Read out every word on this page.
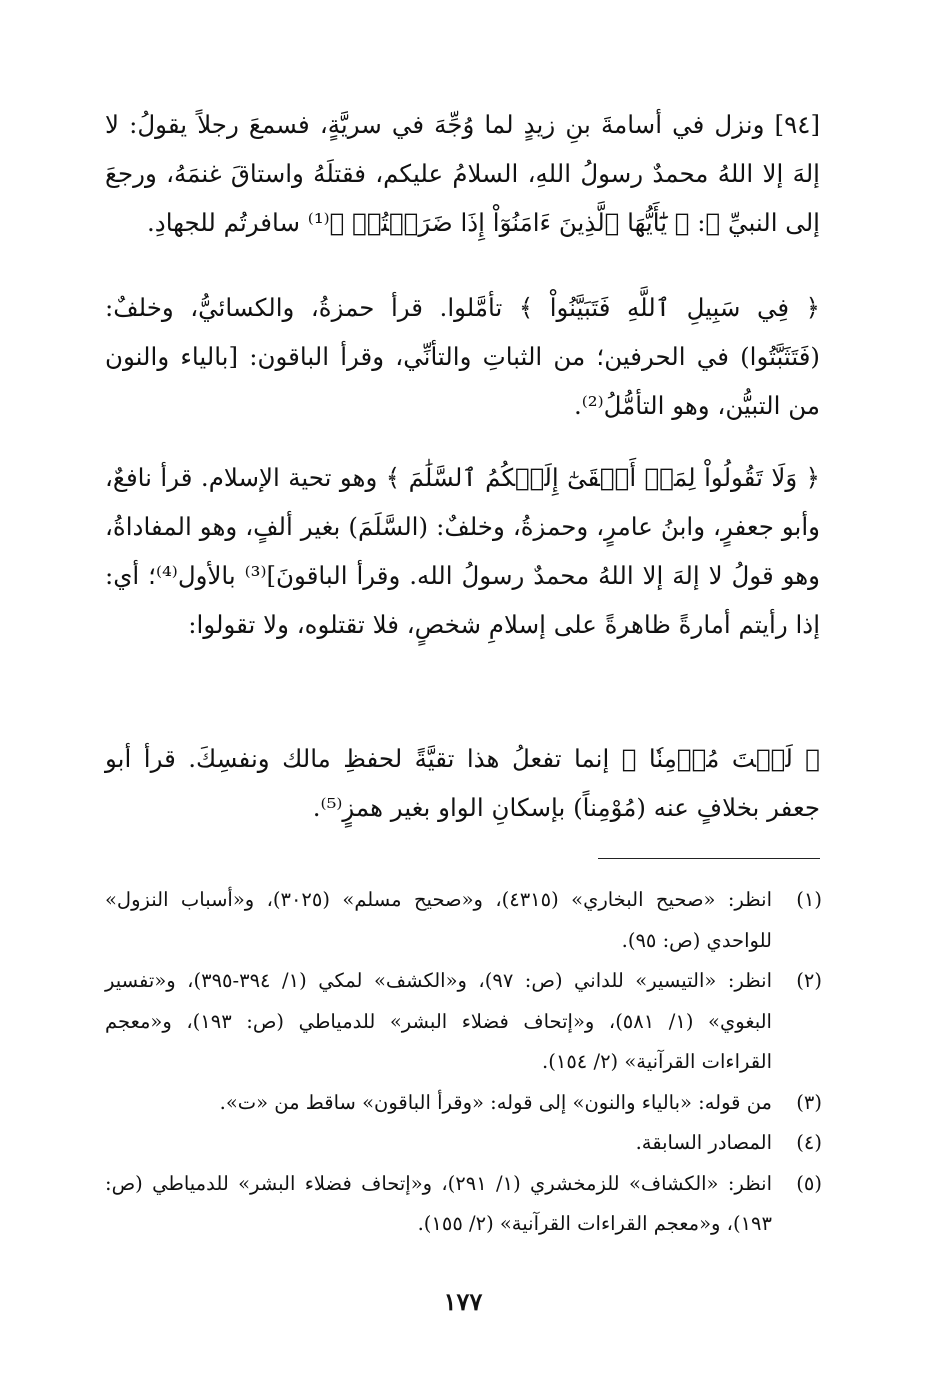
[٩٤] ونزل في أسامةَ بنِ زيدٍ لما وُجِّهَ في سريَّةٍ، فسمعَ رجلاً يقولُ: لا إلهَ إلا اللهُ محمدٌ رسولُ اللهِ، السلامُ عليكم، فقتلَهُ واستاقَ غنمَهُ، ورجعَ إلى النبيِّ ﷺ: ﴿ يَٰٓأَيُّهَا ٱلَّذِينَ ءَامَنُوٓاْ إِذَا ضَرَبۡتُمۡ ﴾⁽¹⁾ سافرتُم للجهادِ.

﴿ فِي سَبِيلِ ٱللَّهِ فَتَبَيَّنُواْ ﴾ تأمَّلوا. قرأ حمزةُ، والكسائيُّ، وخلفٌ: (فَتَثَبَّتُوا) في الحرفين؛ من الثباتِ والتأنِّي، وقرأ الباقون: [بالياء والنون من التبيُّن، وهو التأمُّلُ⁽²⁾.

﴿ وَلَا تَقُولُواْ لِمَنۡ أَلۡقَىٰٓ إِلَيۡكُمُ ٱلسَّلَٰمَ ﴾ وهو تحية الإسلام. قرأ نافعٌ، وأبو جعفرٍ، وابنُ عامرٍ، وحمزةُ، وخلفٌ: (السَّلَمَ) بغير ألفٍ، وهو المفاداةُ، وهو قولُ لا إلهَ إلا اللهُ محمدٌ رسولُ الله. وقرأ الباقونَ]⁽³⁾ بالأول⁽⁴⁾؛ أي: إذا رأيتم أمارةً ظاهرةً على إسلامِ شخصٍ، فلا تقتلوه، ولا تقولوا:

﴿ لَسۡتَ مُؤۡمِنٗا ﴾ إنما تفعلُ هذا تقيَّةً لحفظِ مالك ونفسِكَ. قرأ أبو جعفر بخلافٍ عنه (مُوْمِناً) بإسكانِ الواو بغير همزٍ⁽⁵⁾.

(١)
انظر: «صحيح البخاري» (٤٣١٥)، و«صحيح مسلم» (٣٠٢٥)، و«أسباب النزول» للواحدي (ص: ٩٥).
(٢)
انظر: «التيسير» للداني (ص: ٩٧)، و«الكشف» لمكي (١/ ٣٩٤-٣٩٥)، و«تفسير البغوي» (١/ ٥٨١)، و«إتحاف فضلاء البشر» للدمياطي (ص: ١٩٣)، و«معجم القراءات القرآنية» (٢/ ١٥٤).
(٣)
من قوله: «بالياء والنون» إلى قوله: «وقرأ الباقون» ساقط من «ت».
(٤)
المصادر السابقة.
(٥)
انظر: «الكشاف» للزمخشري (١/ ٢٩١)، و«إتحاف فضلاء البشر» للدمياطي (ص: ١٩٣)، و«معجم القراءات القرآنية» (٢/ ١٥٥).
١٧٧
